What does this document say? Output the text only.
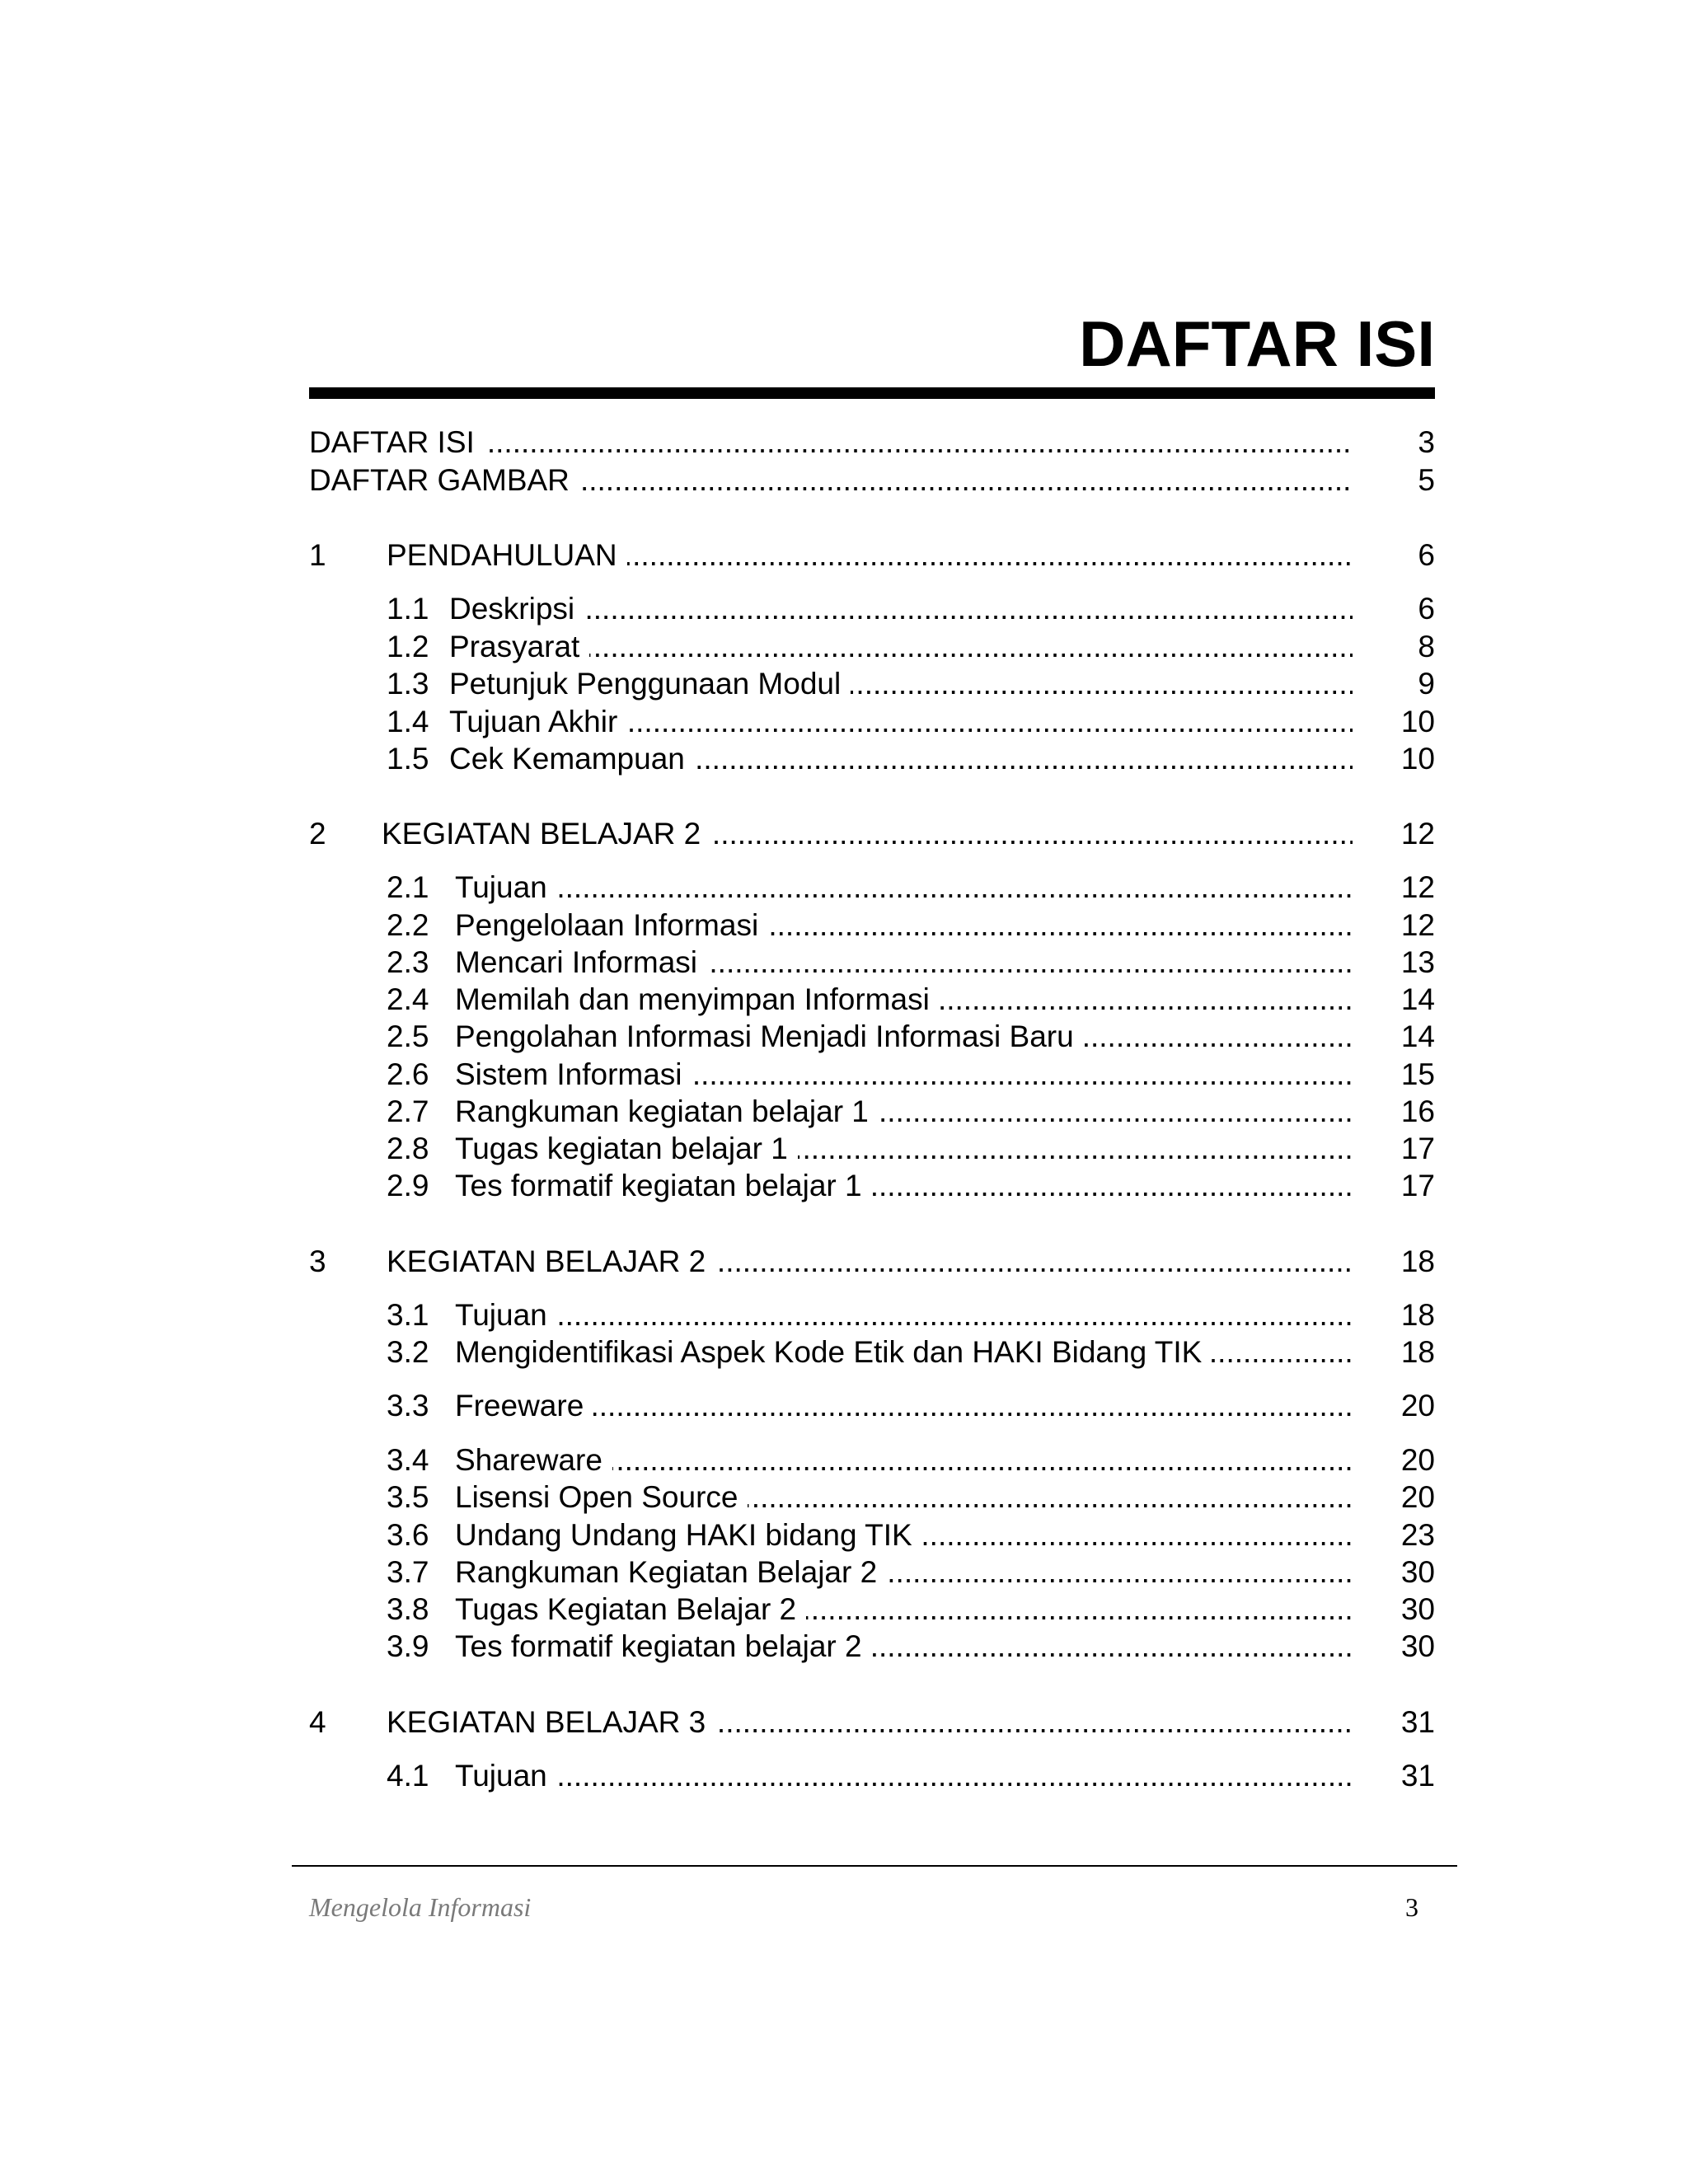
DAFTAR ISI
DAFTAR ISI .....	3
DAFTAR GAMBAR .....	5
1 PENDAHULUAN .....	6
1.1 Deskripsi .....	6
1.2 Prasyarat .....	8
1.3 Petunjuk Penggunaan Modul .....	9
1.4 Tujuan Akhir .....	10
1.5 Cek Kemampuan .....	10
2 KEGIATAN BELAJAR 2 .....	12
2.1 Tujuan .....	12
2.2 Pengelolaan Informasi .....	12
2.3 Mencari Informasi .....	13
2.4 Memilah dan menyimpan Informasi .....	14
2.5 Pengolahan Informasi Menjadi Informasi Baru .....	14
2.6 Sistem Informasi .....	15
2.7 Rangkuman kegiatan belajar 1 .....	16
2.8 Tugas kegiatan belajar 1 .....	17
2.9 Tes formatif kegiatan belajar 1 .....	17
3 KEGIATAN BELAJAR 2 .....	18
3.1 Tujuan .....	18
3.2 Mengidentifikasi Aspek Kode Etik dan HAKI Bidang TIK .....	18
3.3 Freeware .....	20
3.4 Shareware .....	20
3.5 Lisensi Open Source .....	20
3.6 Undang Undang HAKI bidang TIK .....	23
3.7 Rangkuman Kegiatan Belajar 2 .....	30
3.8 Tugas Kegiatan Belajar 2 .....	30
3.9 Tes formatif kegiatan belajar 2 .....	30
4 KEGIATAN BELAJAR 3 .....	31
4.1 Tujuan .....	31
Mengelola Informasi	3
